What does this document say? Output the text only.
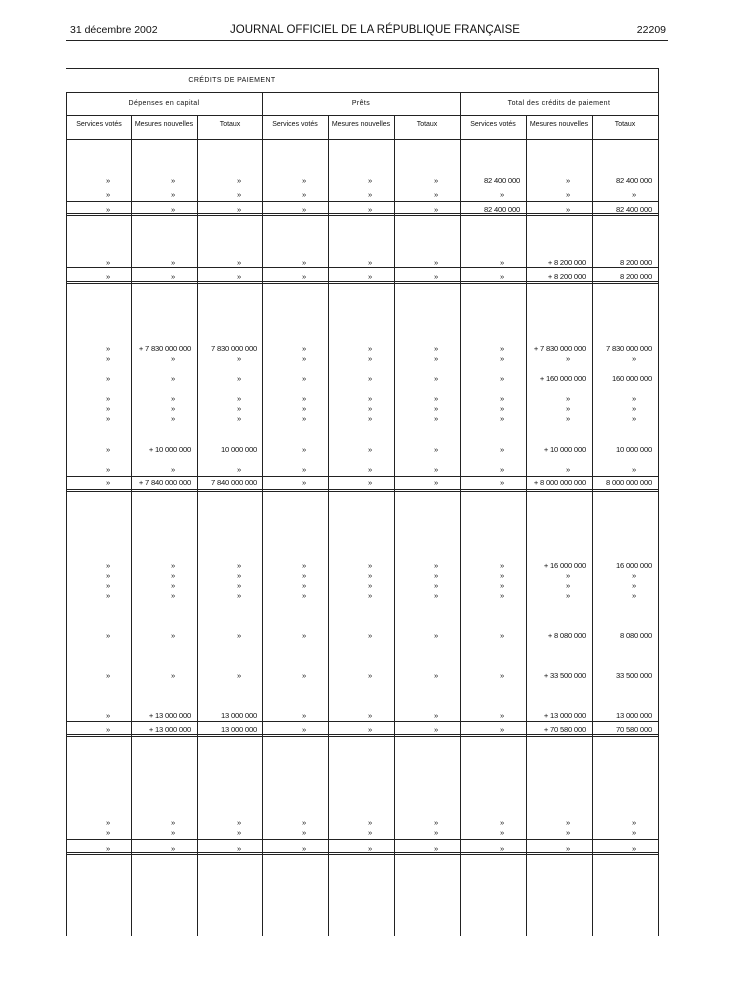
31 décembre 2002	JOURNAL OFFICIEL DE LA RÉPUBLIQUE FRANÇAISE	22209
CRÉDITS DE PAIEMENT
Dépenses en capital	Prêts	Total des crédits de paiement
Services votés	Mesures nouvelles	Totaux	Services votés	Mesures nouvelles	Totaux	Services votés	Mesures nouvelles	Totaux
»	»	»	»	»	»	82 400 000	»	82 400 000
»	»	»	»	»	»	»	»	»
»	»	»	»	»	»	82 400 000	»	82 400 000
»	»	»	»	»	»	»	+ 8 200 000	8 200 000
»	»	»	»	»	»	»	+ 8 200 000	8 200 000
»	+ 7 830 000 000	7 830 000 000	»	»	»	»	+ 7 830 000 000	7 830 000 000
»	»	»	»	»	»	»	»	»
»	»	»	»	»	»	»	+ 160 000 000	160 000 000
»	»	»	»	»	»	»	»	»
»	»	»	»	»	»	»	»	»
»	»	»	»	»	»	»	»	»
»	+ 10 000 000	10 000 000	»	»	»	»	+ 10 000 000	10 000 000
»	»	»	»	»	»	»	»	»
»	+ 7 840 000 000	7 840 000 000	»	»	»	»	+ 8 000 000 000	8 000 000 000
»	»	»	»	»	»	»	+ 16 000 000	16 000 000
»	»	»	»	»	»	»	»	»
»	»	»	»	»	»	»	»	»
»	»	»	»	»	»	»	»	»
»	»	»	»	»	»	»	+ 8 080 000	8 080 000
»	»	»	»	»	»	»	+ 33 500 000	33 500 000
»	+ 13 000 000	13 000 000	»	»	»	»	+ 13 000 000	13 000 000
»	+ 13 000 000	13 000 000	»	»	»	»	+ 70 580 000	70 580 000
»	»	»	»	»	»	»	»	»
»	»	»	»	»	»	»	»	»
»	»	»	»	»	»	»	»	»
